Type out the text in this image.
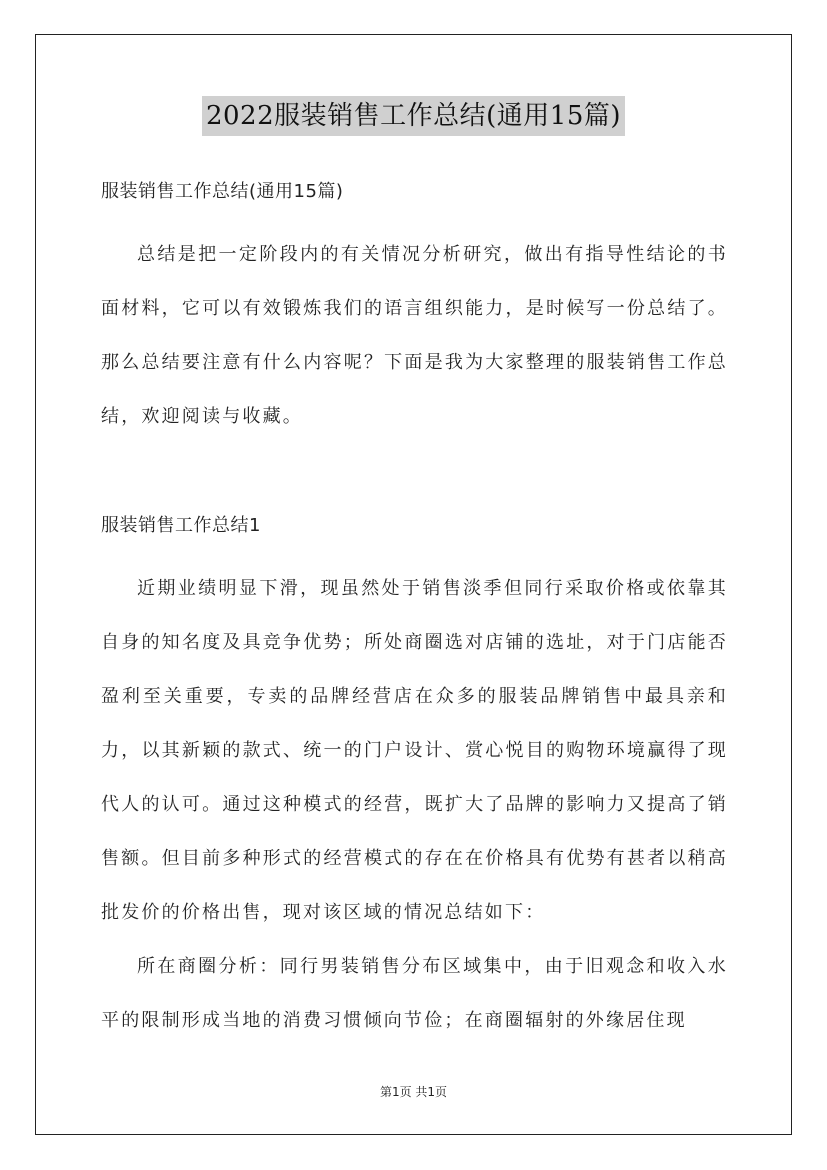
2022服装销售工作总结(通用15篇)
服装销售工作总结(通用15篇)
总结是把一定阶段内的有关情况分析研究，做出有指导性结论的书面材料，它可以有效锻炼我们的语言组织能力，是时候写一份总结了。那么总结要注意有什么内容呢？下面是我为大家整理的服装销售工作总结，欢迎阅读与收藏。
服装销售工作总结1
近期业绩明显下滑，现虽然处于销售淡季但同行采取价格或依靠其自身的知名度及具竞争优势；所处商圈选对店铺的选址，对于门店能否盈利至关重要，专卖的品牌经营店在众多的服装品牌销售中最具亲和力，以其新颖的款式、统一的门户设计、赏心悦目的购物环境赢得了现代人的认可。通过这种模式的经营，既扩大了品牌的影响力又提高了销售额。但目前多种形式的经营模式的存在在价格具有优势有甚者以稍高批发价的价格出售，现对该区域的情况总结如下：
所在商圈分析：同行男装销售分布区域集中，由于旧观念和收入水平的限制形成当地的消费习惯倾向节俭；在商圈辐射的外缘居住现
第1页 共1页
